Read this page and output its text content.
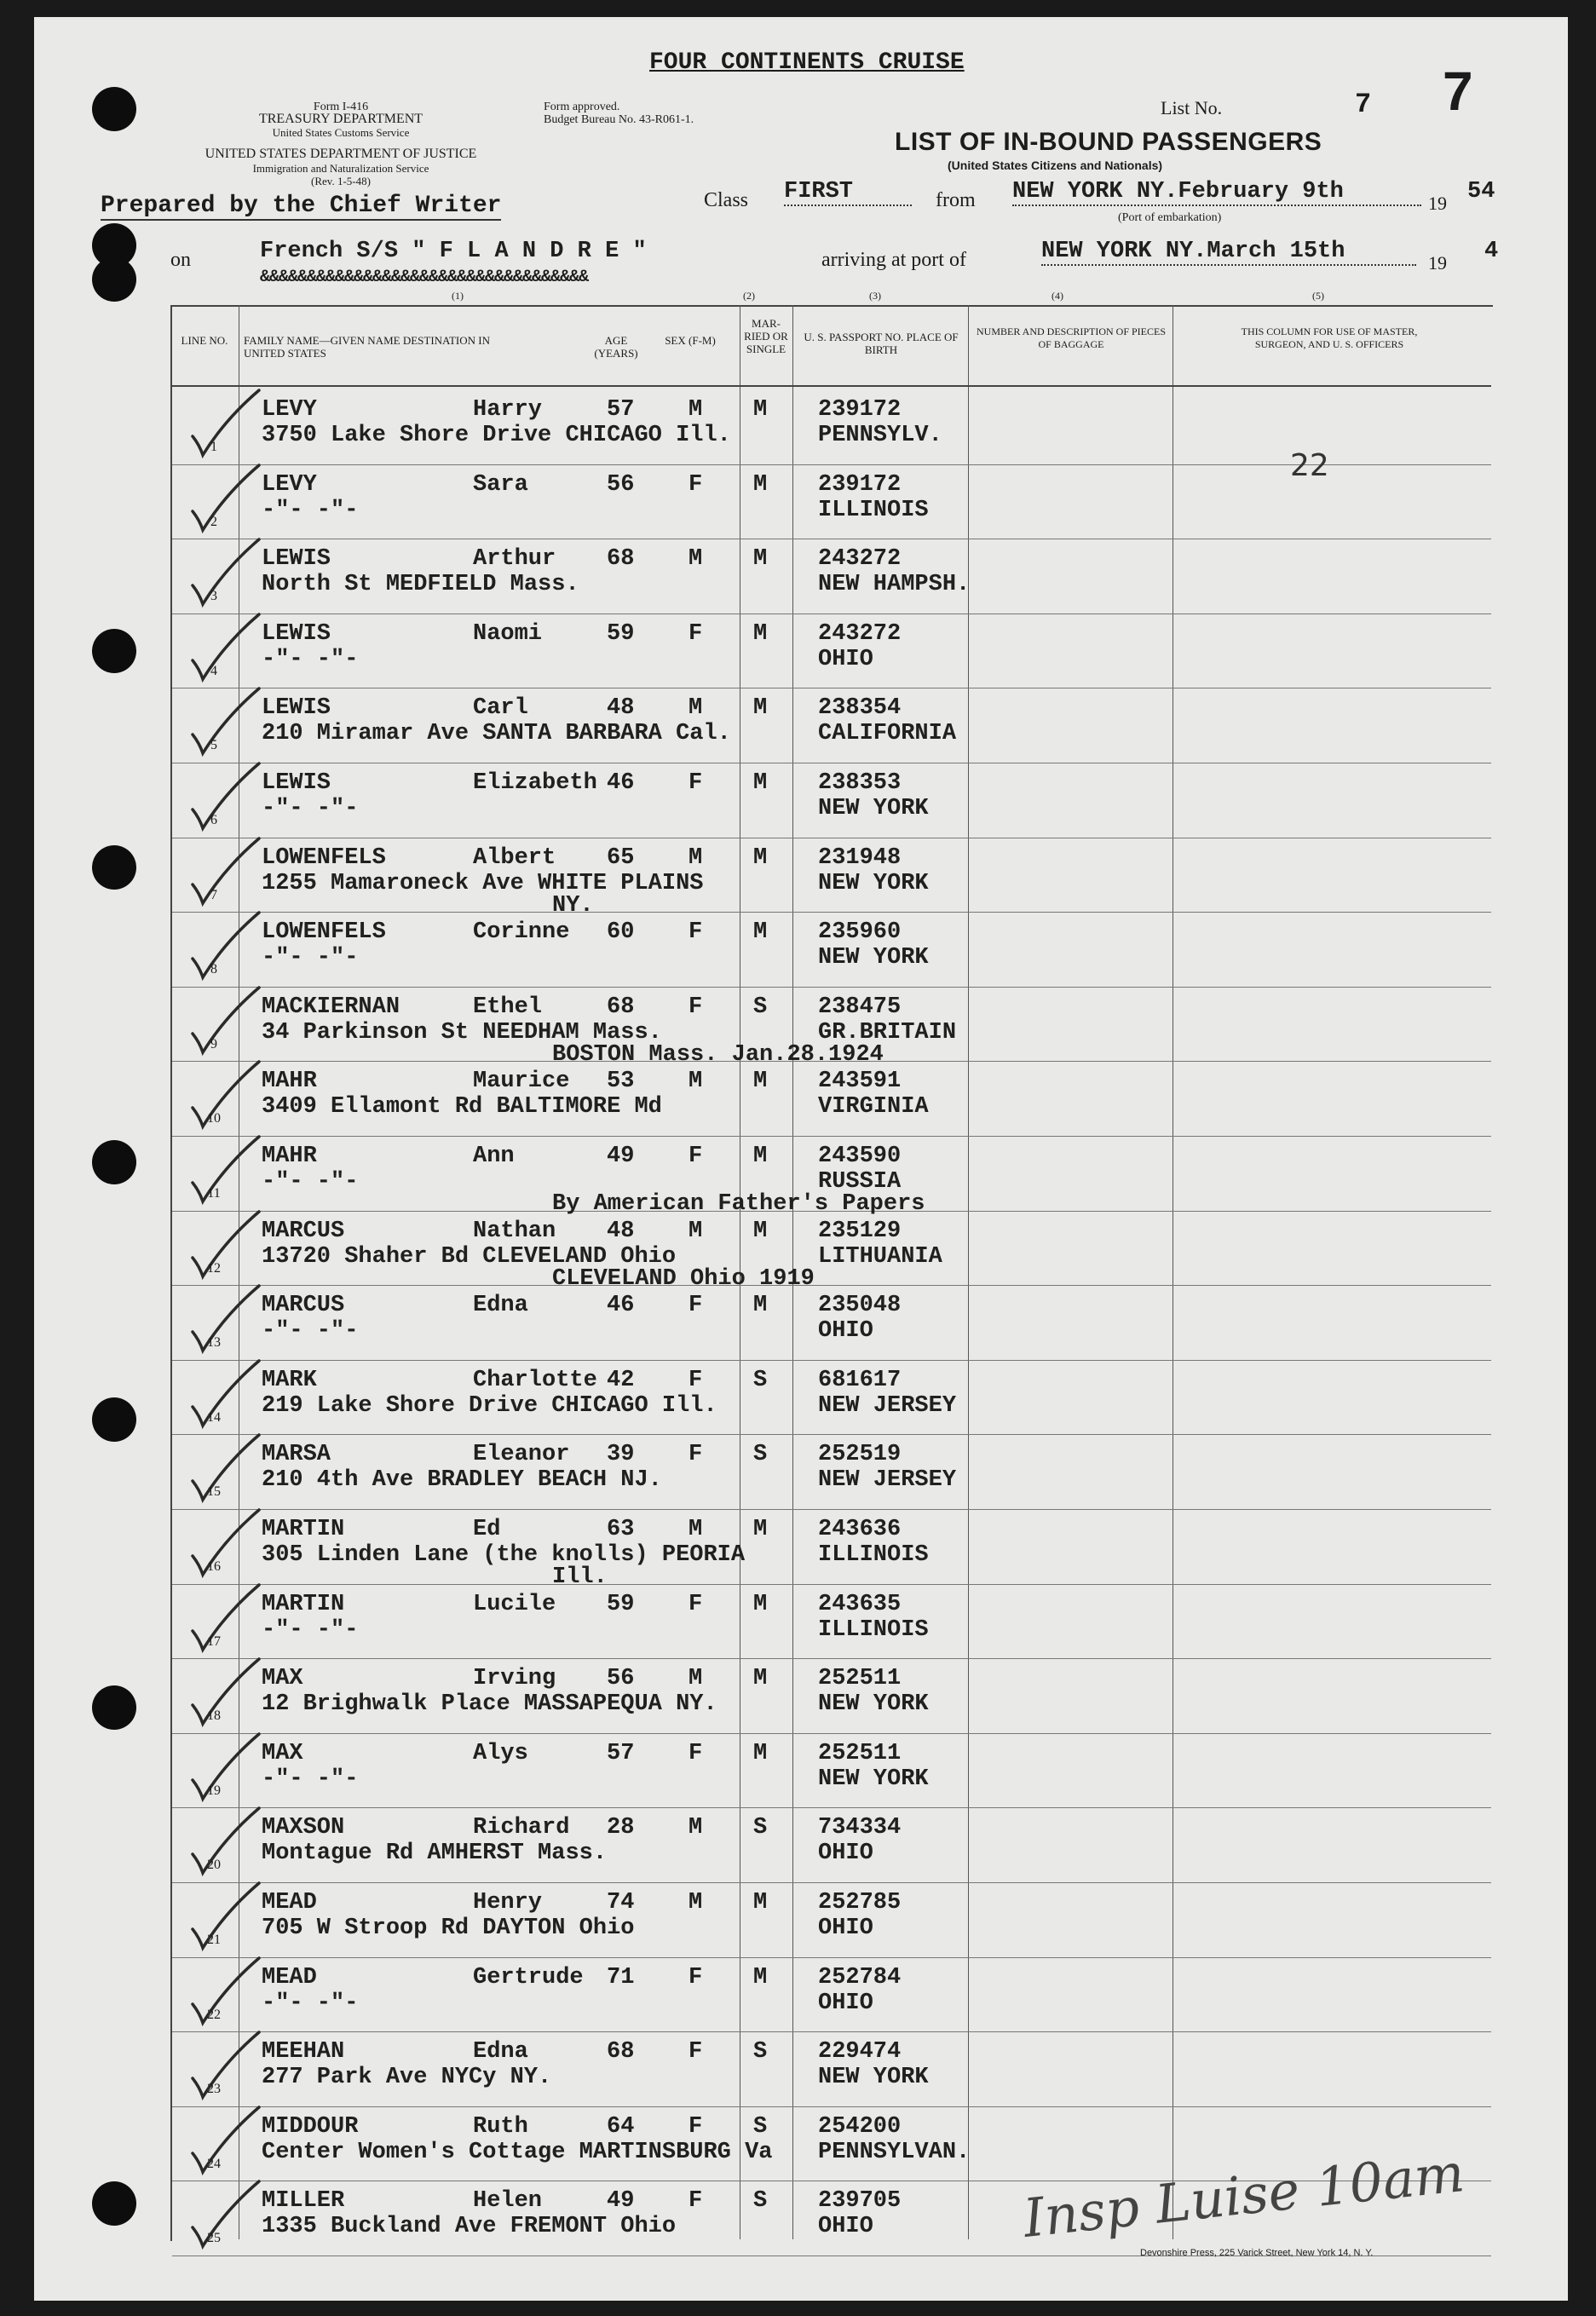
FOUR CONTINENTS CRUISE
Form I-416
TREASURY DEPARTMENT
United States Customs Service
UNITED STATES DEPARTMENT OF JUSTICE
Immigration and Naturalization Service
(Rev. 1-5-48)
Form approved.
Budget Bureau No. 43-R061-1.
List No.	7 7
LIST OF IN-BOUND PASSENGERS
(United States Citizens and Nationals)
Prepared by the Chief Writer	Class FIRST	from NEW YORK NY.February 9th	19 54
(Port of embarkation)
on	French S/S " F L A N D R E "
&&&&&&&&&&&&&&&&&&&&&&&&&&&&&&&&&&&
arriving at port of	NEW YORK NY.March 15th	19 4
(1)	(2)	(3)	(4)	(5)
LINE NO. FAMILY NAME—GIVEN NAME DESTINATION IN UNITED STATES
AGE (YEARS)
SEX (F-M)
MAR-RIED OR SINGLE
U. S. PASSPORT NO. PLACE OF BIRTH
NUMBER AND DESCRIPTION OF PIECES OF BAGGAGE
THIS COLUMN FOR USE OF MASTER, SURGEON, AND U. S. OFFICERS
1
LEVY	Harry	57 M M 239172
3750 Lake Shore Drive CHICAGO Ill.	PENNSYLV.
2
LEVY	Sara	56 F M 239172
-"- -"-	ILLINOIS
3
LEWIS	Arthur 68 M M 243272
North St MEDFIELD Mass.	NEW HAMPSH.
4
LEWIS	Naomi	59 F M 243272
-"- -"-	OHIO
5
LEWIS	Carl	48 M M 238354
210 Miramar Ave SANTA BARBARA Cal.	CALIFORNIA
6
LEWIS	Elizabeth 46 F M 238353
-"- -"-	NEW YORK
7
LOWENFELS	Albert 65 M M 231948
1255 Mamaroneck Ave WHITE PLAINS	NEW YORK
NY.
8
LOWENFELS	Corinne 60 F M 235960
-"- -"-	NEW YORK
9
MACKIERNAN	Ethel	68 F S 238475
34 Parkinson St NEEDHAM Mass.	GR.BRITAIN
BOSTON Mass. Jan.28.1924
10
MAHR	Maurice 53 M M 243591
3409 Ellamont Rd BALTIMORE Md	VIRGINIA
11
MAHR	Ann	49 F M 243590
-"- -"-	RUSSIA
By American Father's Papers
12
MARCUS	Nathan 48 M M 235129
13720 Shaher Bd CLEVELAND Ohio	LITHUANIA
CLEVELAND Ohio 1919
13
MARCUS	Edna	46 F M 235048
-"- -"-	OHIO
14
MARK	Charlotte 42 F S 681617
219 Lake Shore Drive CHICAGO Ill.	NEW JERSEY
15
MARSA	Eleanor 39 F S 252519
210 4th Ave BRADLEY BEACH NJ.	NEW JERSEY
16
MARTIN	Ed	63 M M 243636
305 Linden Lane (the knolls) PEORIA	ILLINOIS
Ill.
17
MARTIN	Lucile 59 F M 243635
-"- -"-	ILLINOIS
18
MAX	Irving 56 M M 252511
12 Brighwalk Place MASSAPEQUA NY.	NEW YORK
19
MAX	Alys	57 F M 252511
-"- -"-	NEW YORK
20
MAXSON	Richard 28 M S 734334
Montague Rd AMHERST Mass.	OHIO
21
MEAD	Henry	74 M M 252785
705 W Stroop Rd DAYTON Ohio	OHIO
22
MEAD	Gertrude 71 F M 252784
-"- -"-	OHIO
23
MEEHAN	Edna	68 F S 229474
277 Park Ave NYCy NY.	NEW YORK
24
MIDDOUR	Ruth	64 F S 254200
Center Women's Cottage MARTINSBURG Va PENNSYLVAN.
25
MILLER	Helen	49 F S 239705
1335 Buckland Ave FREMONT Ohio	OHIO
22
Insp Luise 10am
Devonshire Press, 225 Varick Street, New York 14, N. Y.
